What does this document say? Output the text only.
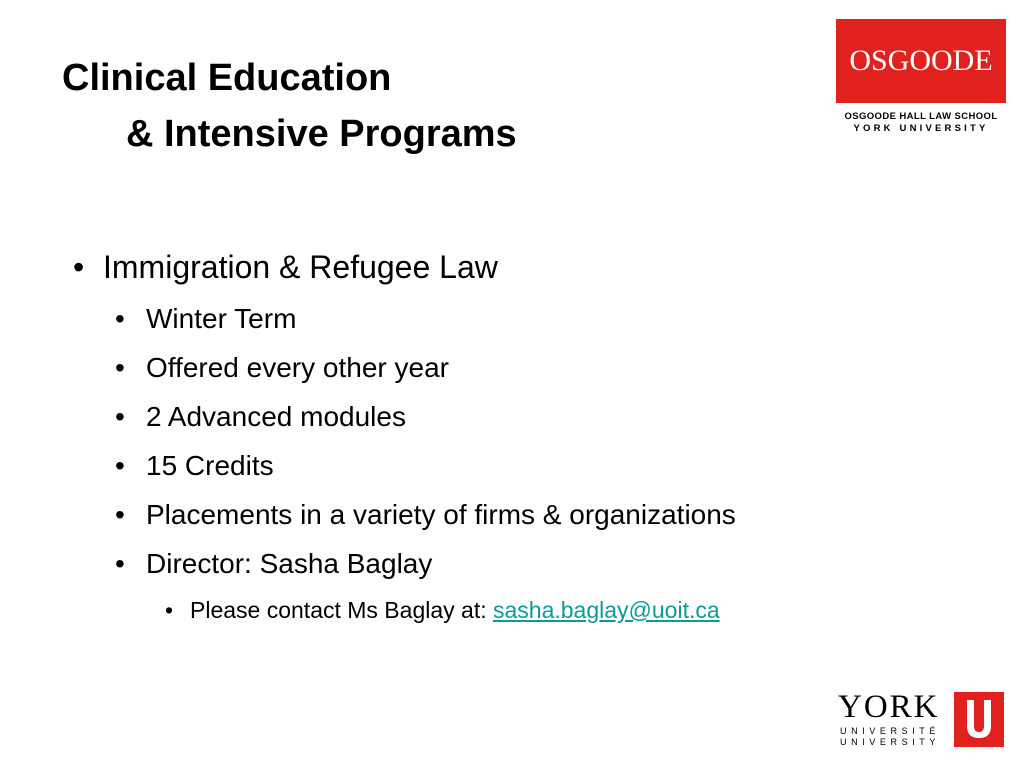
Clinical Education
& Intensive Programs
OSGOODE
OSGOODE HALL LAW SCHOOL
YORK UNIVERSITY
• Immigration & Refugee Law
• Winter Term
• Offered every other year
• 2 Advanced modules
• 15 Credits
• Placements in a variety of firms & organizations
• Director: Sasha Baglay
• Please contact Ms Baglay at: sasha.baglay@uoit.ca
YORK
UNIVERSITÉ
UNIVERSITY
